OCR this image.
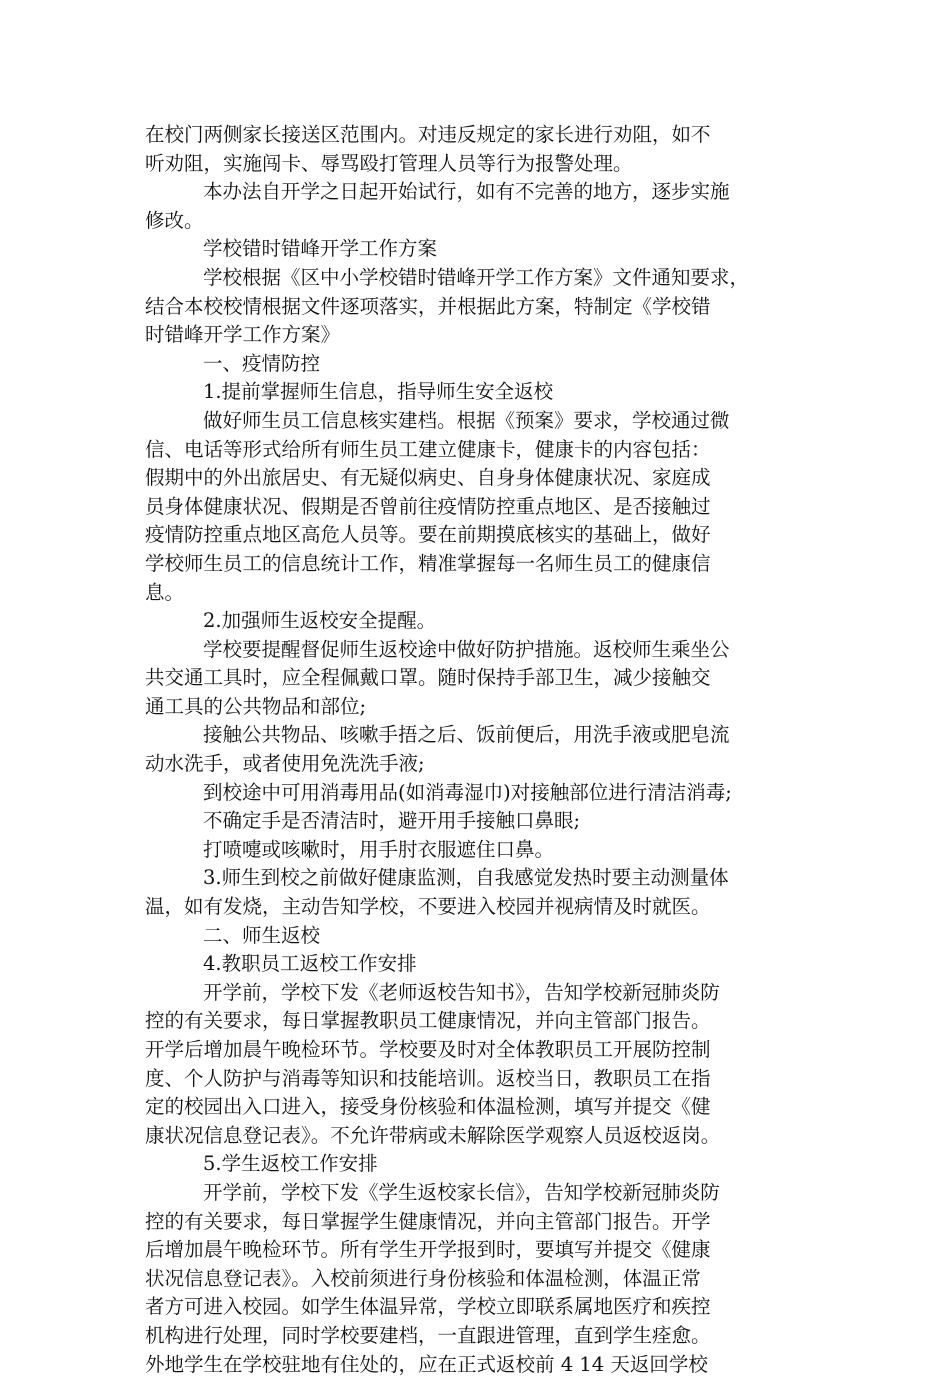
在校门两侧家长接送区范围内。对违反规定的家长进行劝阻，如不
听劝阻，实施闯卡、辱骂殴打管理人员等行为报警处理。
本办法自开学之日起开始试行，如有不完善的地方，逐步实施
修改。
学校错时错峰开学工作方案
学校根据《区中小学校错时错峰开学工作方案》文件通知要求，
结合本校校情根据文件逐项落实，并根据此方案，特制定《学校错
时错峰开学工作方案》
一、疫情防控
1.提前掌握师生信息，指导师生安全返校
做好师生员工信息核实建档。根据《预案》要求，学校通过微
信、电话等形式给所有师生员工建立健康卡，健康卡的内容包括：
假期中的外出旅居史、有无疑似病史、自身身体健康状况、家庭成
员身体健康状况、假期是否曾前往疫情防控重点地区、是否接触过
疫情防控重点地区高危人员等。要在前期摸底核实的基础上，做好
学校师生员工的信息统计工作，精准掌握每一名师生员工的健康信
息。
2.加强师生返校安全提醒。
学校要提醒督促师生返校途中做好防护措施。返校师生乘坐公
共交通工具时，应全程佩戴口罩。随时保持手部卫生，减少接触交
通工具的公共物品和部位;
接触公共物品、咳嗽手捂之后、饭前便后，用洗手液或肥皂流
动水洗手，或者使用免洗洗手液;
到校途中可用消毒用品(如消毒湿巾)对接触部位进行清洁消毒;
不确定手是否清洁时，避开用手接触口鼻眼;
打喷嚏或咳嗽时，用手肘衣服遮住口鼻。
3.师生到校之前做好健康监测，自我感觉发热时要主动测量体
温，如有发烧，主动告知学校，不要进入校园并视病情及时就医。
二、师生返校
4.教职员工返校工作安排
开学前，学校下发《老师返校告知书》，告知学校新冠肺炎防
控的有关要求，每日掌握教职员工健康情况，并向主管部门报告。
开学后增加晨午晚检环节。学校要及时对全体教职员工开展防控制
度、个人防护与消毒等知识和技能培训。返校当日，教职员工在指
定的校园出入口进入，接受身份核验和体温检测，填写并提交《健
康状况信息登记表》。不允许带病或未解除医学观察人员返校返岗。
5.学生返校工作安排
开学前，学校下发《学生返校家长信》，告知学校新冠肺炎防
控的有关要求，每日掌握学生健康情况，并向主管部门报告。开学
后增加晨午晚检环节。所有学生开学报到时，要填写并提交《健康
状况信息登记表》。入校前须进行身份核验和体温检测，体温正常
者方可进入校园。如学生体温异常，学校立即联系属地医疗和疾控
机构进行处理，同时学校要建档，一直跟进管理，直到学生痊愈。
外地学生在学校驻地有住处的，应在正式返校前 4 14 天返回学校
